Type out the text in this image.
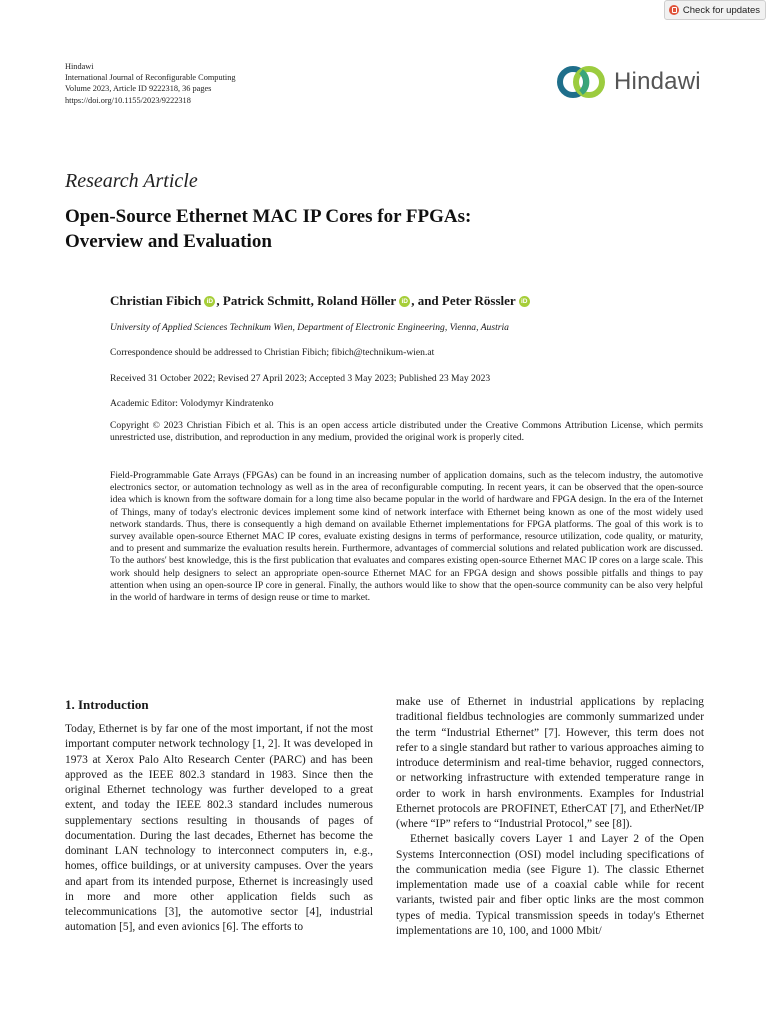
Check for updates
Hindawi
International Journal of Reconfigurable Computing
Volume 2023, Article ID 9222318, 36 pages
https://doi.org/10.1155/2023/9222318
Hindawi
Research Article
Open-Source Ethernet MAC IP Cores for FPGAs:
Overview and Evaluation
Christian Fibich iD , Patrick Schmitt, Roland Höller iD , and Peter Rössler iD
University of Applied Sciences Technikum Wien, Department of Electronic Engineering, Vienna, Austria
Correspondence should be addressed to Christian Fibich; fibich@technikum-wien.at
Received 31 October 2022; Revised 27 April 2023; Accepted 3 May 2023; Published 23 May 2023
Academic Editor: Volodymyr Kindratenko
Copyright © 2023 Christian Fibich et al. This is an open access article distributed under the Creative Commons Attribution License, which permits unrestricted use, distribution, and reproduction in any medium, provided the original work is properly cited.
Field-Programmable Gate Arrays (FPGAs) can be found in an increasing number of application domains, such as the telecom industry, the automotive electronics sector, or automation technology as well as in the area of reconfigurable computing. In recent years, it can be observed that the open-source idea which is known from the software domain for a long time also became popular in the world of hardware and FPGA design. In the era of the Internet of Things, many of today's electronic devices implement some kind of network interface with Ethernet being known as one of the most widely used network standards. Thus, there is consequently a high demand on available Ethernet implementations for FPGA platforms. The goal of this work is to survey available open-source Ethernet MAC IP cores, evaluate existing designs in terms of performance, resource utilization, code quality, or maturity, and to present and summarize the evaluation results herein. Furthermore, advantages of commercial solutions and related publication work are discussed. To the authors' best knowledge, this is the first publication that evaluates and compares existing open-source Ethernet MAC IP cores on a large scale. This work should help designers to select an appropriate open-source Ethernet MAC for an FPGA design and shows possible pitfalls and things to pay attention when using an open-source IP core in general. Finally, the authors would like to show that the open-source community can be also very helpful in the world of hardware in terms of design reuse or time to market.
1. Introduction

Today, Ethernet is by far one of the most important, if not the most important computer network technology [1, 2]. It was developed in 1973 at Xerox Palo Alto Research Center (PARC) and has been approved as the IEEE 802.3 standard in 1983. Since then the original Ethernet technology was further developed to a great extent, and today the IEEE 802.3 standard includes numerous supplementary sections resulting in thousands of pages of documentation. During the last decades, Ethernet has become the dominant LAN technology to interconnect computers in, e.g., homes, office buildings, or at university campuses. Over the years and apart from its intended purpose, Ethernet is increasingly used in more and more other application fields such as telecommunications [3], the automotive sector [4], industrial automation [5], and even avionics [6]. The efforts to

make use of Ethernet in industrial applications by replacing traditional fieldbus technologies are commonly summarized under the term “Industrial Ethernet” [7]. However, this term does not refer to a single standard but rather to various approaches aiming to introduce determinism and real-time behavior, rugged connectors, or networking infrastructure with extended temperature range in order to work in harsh environments. Examples for Industrial Ethernet protocols are PROFINET, EtherCAT [7], and EtherNet/IP (where “IP” refers to “Industrial Protocol,” see [8]).

Ethernet basically covers Layer 1 and Layer 2 of the Open Systems Interconnection (OSI) model including specifications of the communication media (see Figure 1). The classic Ethernet implementation made use of a coaxial cable while for recent variants, twisted pair and fiber optic links are the most common types of media. Typical transmission speeds in today's Ethernet implementations are 10, 100, and 1000 Mbit/
